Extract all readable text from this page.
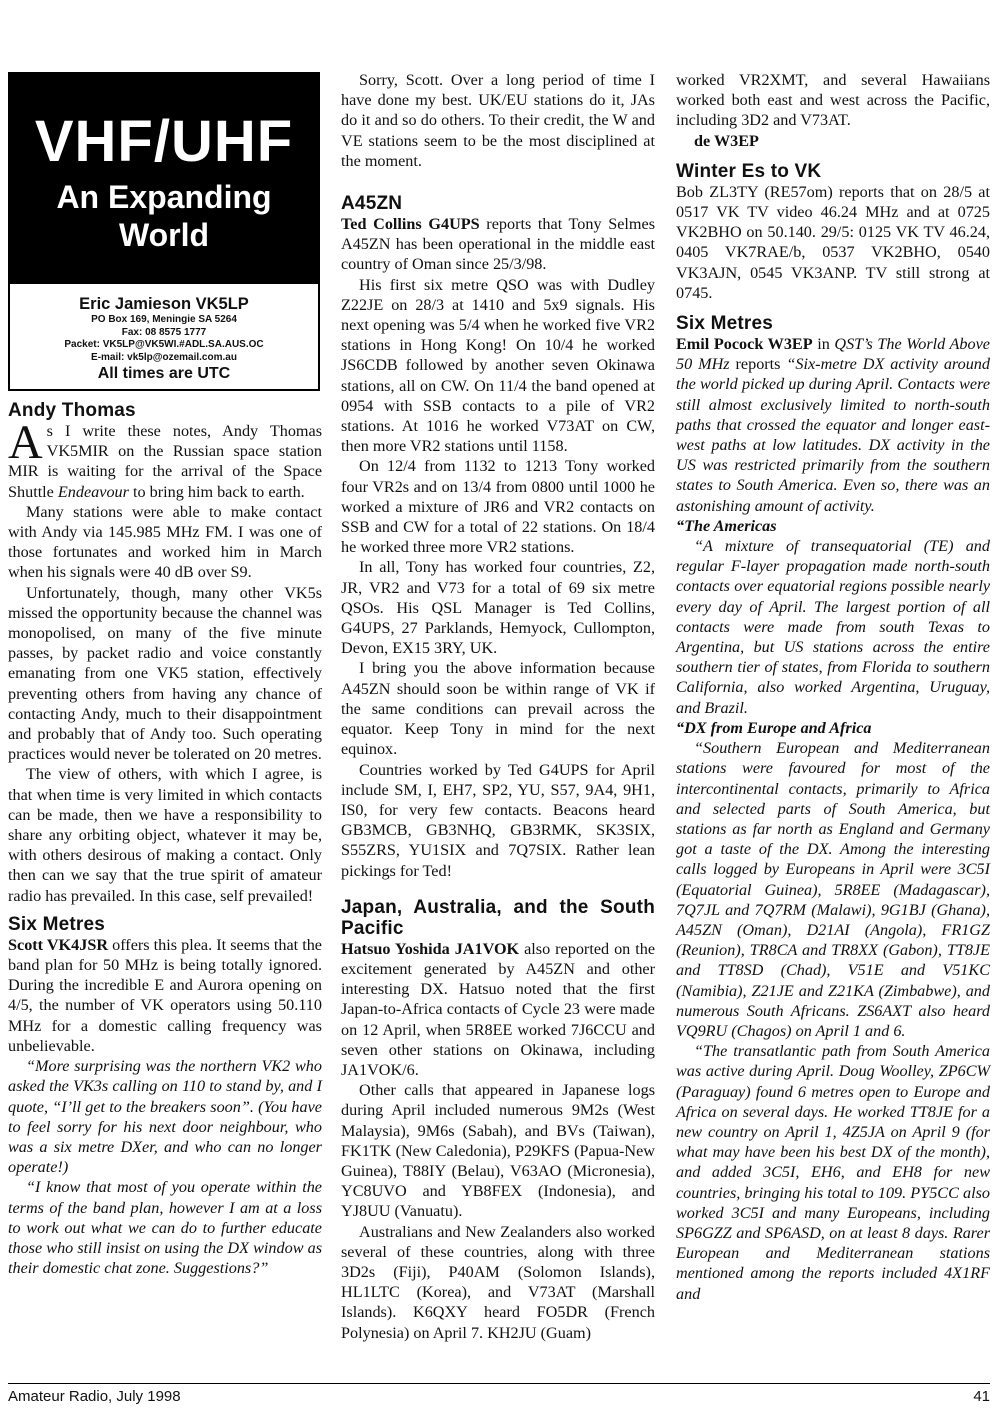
VHF/UHF
An Expanding
World
Eric Jamieson VK5LP
PO Box 169, Meningie SA 5264
Fax: 08 8575 1777
Packet: VK5LP@VK5WI.#ADL.SA.AUS.OC
E-mail: vk5lp@ozemail.com.au
All times are UTC
Andy Thomas

As I write these notes, Andy Thomas VK5MIR on the Russian space station MIR is waiting for the arrival of the Space Shuttle Endeavour to bring him back to earth.

Many stations were able to make contact with Andy via 145.985 MHz FM. I was one of those fortunates and worked him in March when his signals were 40 dB over S9.

Unfortunately, though, many other VK5s missed the opportunity because the channel was monopolised, on many of the five minute passes, by packet radio and voice constantly emanating from one VK5 station, effectively preventing others from having any chance of contacting Andy, much to their disappointment and probably that of Andy too. Such operating practices would never be tolerated on 20 metres.

The view of others, with which I agree, is that when time is very limited in which contacts can be made, then we have a responsibility to share any orbiting object, whatever it may be, with others desirous of making a contact. Only then can we say that the true spirit of amateur radio has prevailed. In this case, self prevailed!

Six Metres

Scott VK4JSR offers this plea. It seems that the band plan for 50 MHz is being totally ignored. During the incredible E and Aurora opening on 4/5, the number of VK operators using 50.110 MHz for a domestic calling frequency was unbelievable.

“More surprising was the northern VK2 who asked the VK3s calling on 110 to stand by, and I quote, “I’ll get to the breakers soon”. (You have to feel sorry for his next door neighbour, who was a six metre DXer, and who can no longer operate!)

“I know that most of you operate within the terms of the band plan, however I am at a loss to work out what we can do to further educate those who still insist on using the DX window as their domestic chat zone. Suggestions?”

Sorry, Scott. Over a long period of time I have done my best. UK/EU stations do it, JAs do it and so do others. To their credit, the W and VE stations seem to be the most disciplined at the moment.

A45ZN

Ted Collins G4UPS reports that Tony Selmes A45ZN has been operational in the middle east country of Oman since 25/3/98.

His first six metre QSO was with Dudley Z22JE on 28/3 at 1410 and 5x9 signals. His next opening was 5/4 when he worked five VR2 stations in Hong Kong! On 10/4 he worked JS6CDB followed by another seven Okinawa stations, all on CW. On 11/4 the band opened at 0954 with SSB contacts to a pile of VR2 stations. At 1016 he worked V73AT on CW, then more VR2 stations until 1158.

On 12/4 from 1132 to 1213 Tony worked four VR2s and on 13/4 from 0800 until 1000 he worked a mixture of JR6 and VR2 contacts on SSB and CW for a total of 22 stations. On 18/4 he worked three more VR2 stations.

In all, Tony has worked four countries, Z2, JR, VR2 and V73 for a total of 69 six metre QSOs. His QSL Manager is Ted Collins, G4UPS, 27 Parklands, Hemyock, Cullompton, Devon, EX15 3RY, UK.

I bring you the above information because A45ZN should soon be within range of VK if the same conditions can prevail across the equator. Keep Tony in mind for the next equinox.

Countries worked by Ted G4UPS for April include SM, I, EH7, SP2, YU, S57, 9A4, 9H1, IS0, for very few contacts. Beacons heard GB3MCB, GB3NHQ, GB3RMK, SK3SIX, S55ZRS, YU1SIX and 7Q7SIX. Rather lean pickings for Ted!

Japan, Australia, and the South Pacific

Hatsuo Yoshida JA1VOK also reported on the excitement generated by A45ZN and other interesting DX. Hatsuo noted that the first Japan-to-Africa contacts of Cycle 23 were made on 12 April, when 5R8EE worked 7J6CCU and seven other stations on Okinawa, including JA1VOK/6.

Other calls that appeared in Japanese logs during April included numerous 9M2s (West Malaysia), 9M6s (Sabah), and BVs (Taiwan), FK1TK (New Caledonia), P29KFS (Papua-New Guinea), T88IY (Belau), V63AO (Micronesia), YC8UVO and YB8FEX (Indonesia), and YJ8UU (Vanuatu).

Australians and New Zealanders also worked several of these countries, along with three 3D2s (Fiji), P40AM (Solomon Islands), HL1LTC (Korea), and V73AT (Marshall Islands). K6QXY heard FO5DR (French Polynesia) on April 7. KH2JU (Guam)

worked VR2XMT, and several Hawaiians worked both east and west across the Pacific, including 3D2 and V73AT.

de W3EP

Winter Es to VK

Bob ZL3TY (RE57om) reports that on 28/5 at 0517 VK TV video 46.24 MHz and at 0725 VK2BHO on 50.140. 29/5: 0125 VK TV 46.24, 0405 VK7RAE/b, 0537 VK2BHO, 0540 VK3AJN, 0545 VK3ANP. TV still strong at 0745.

Six Metres

Emil Pocock W3EP in QST’s The World Above 50 MHz reports “Six-metre DX activity around the world picked up during April. Contacts were still almost exclusively limited to north-south paths that crossed the equator and longer east-west paths at low latitudes. DX activity in the US was restricted primarily from the southern states to South America. Even so, there was an astonishing amount of activity.

“The Americas

“A mixture of transequatorial (TE) and regular F-layer propagation made north-south contacts over equatorial regions possible nearly every day of April. The largest portion of all contacts were made from south Texas to Argentina, but US stations across the entire southern tier of states, from Florida to southern California, also worked Argentina, Uruguay, and Brazil.

“DX from Europe and Africa

“Southern European and Mediterranean stations were favoured for most of the intercontinental contacts, primarily to Africa and selected parts of South America, but stations as far north as England and Germany got a taste of the DX. Among the interesting calls logged by Europeans in April were 3C5I (Equatorial Guinea), 5R8EE (Madagascar), 7Q7JL and 7Q7RM (Malawi), 9G1BJ (Ghana), A45ZN (Oman), D21AI (Angola), FR1GZ (Reunion), TR8CA and TR8XX (Gabon), TT8JE and TT8SD (Chad), V51E and V51KC (Namibia), Z21JE and Z21KA (Zimbabwe), and numerous South Africans. ZS6AXT also heard VQ9RU (Chagos) on April 1 and 6.

“The transatlantic path from South America was active during April. Doug Woolley, ZP6CW (Paraguay) found 6 metres open to Europe and Africa on several days. He worked TT8JE for a new country on April 1, 4Z5JA on April 9 (for what may have been his best DX of the month), and added 3C5I, EH6, and EH8 for new countries, bringing his total to 109. PY5CC also worked 3C5I and many Europeans, including SP6GZZ and SP6ASD, on at least 8 days. Rarer European and Mediterranean stations mentioned among the reports included 4X1RF and

Amateur Radio, July 1998	41
